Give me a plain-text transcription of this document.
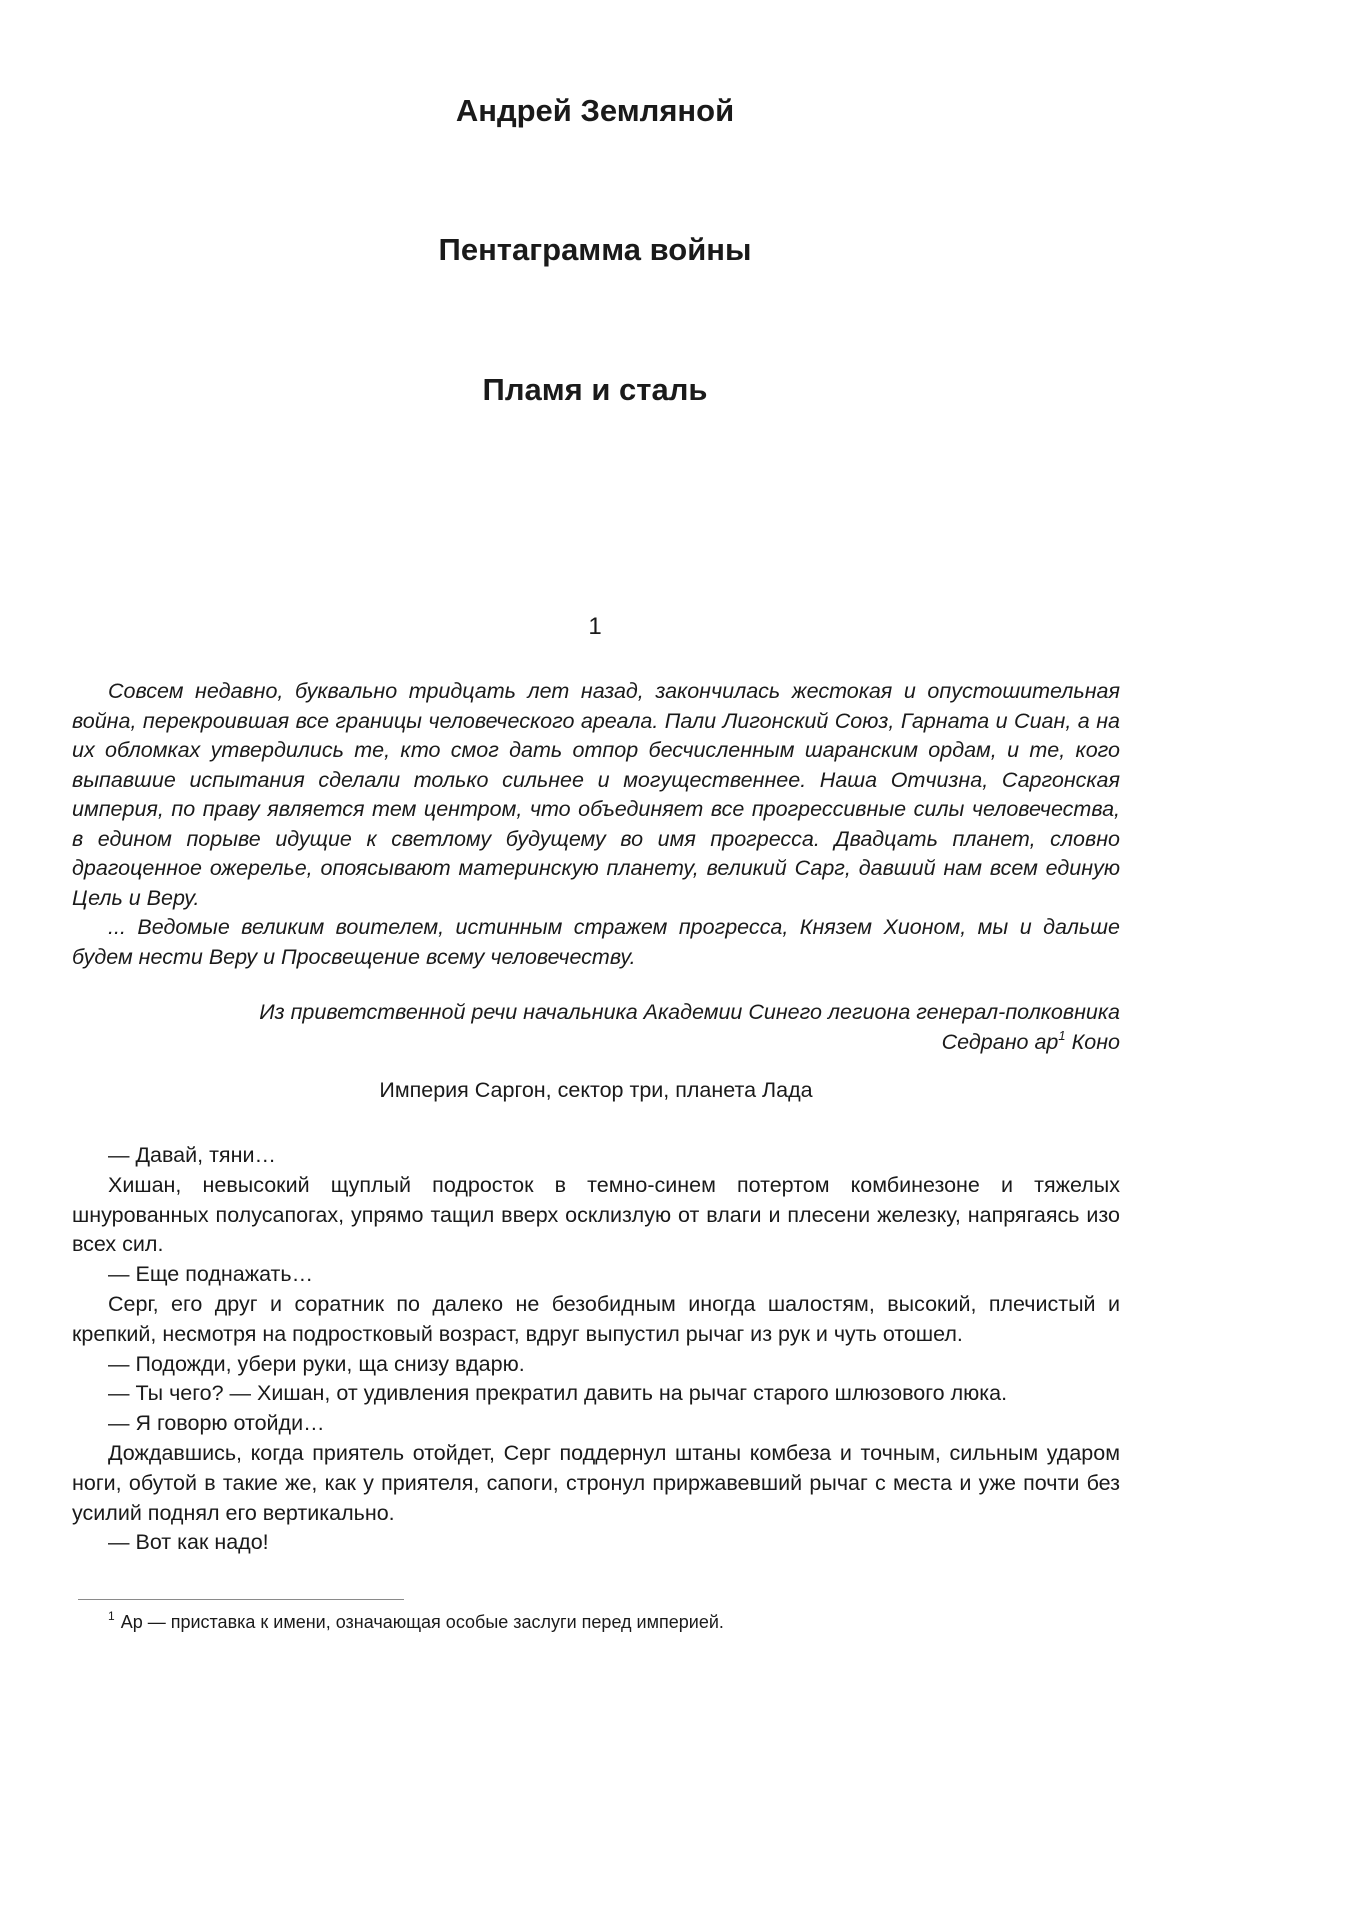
Андрей Земляной
Пентаграмма войны
Пламя и сталь
1

Совсем недавно, буквально тридцать лет назад, закончилась жестокая и опустошительная война, перекроившая все границы человеческого ареала. Пали Лигонский Союз, Гарната и Сиан, а на их обломках утвердились те, кто смог дать отпор бесчисленным шаранским ордам, и те, кого выпавшие испытания сделали только сильнее и могущественнее. Наша Отчизна, Саргонская империя, по праву является тем центром, что объединяет все прогрессивные силы человечества, в едином порыве идущие к светлому будущему во имя прогресса. Двадцать планет, словно драгоценное ожерелье, опоясывают материнскую планету, великий Сарг, давший нам всем единую Цель и Веру.

... Ведомые великим воителем, истинным стражем прогресса, Князем Хионом, мы и дальше будем нести Веру и Просвещение всему человечеству.

Из приветственной речи начальника Академии Синего легиона генерал-полковника
Седрано $ар^1$ Коно
Империя Саргон, сектор три, планета Лада

— Давай, тяни…

Хишан, невысокий щуплый подросток в темно-синем потертом комбинезоне и тяжелых шнурованных полусапогах, упрямо тащил вверх осклизлую от влаги и плесени железку, напрягаясь изо всех сил.

— Еще поднажать…

Серг, его друг и соратник по далеко не безобидным иногда шалостям, высокий, плечистый и крепкий, несмотря на подростковый возраст, вдруг выпустил рычаг из рук и чуть отошел.

— Подожди, убери руки, ща снизу вдарю.

— Ты чего? — Хишан, от удивления прекратил давить на рычаг старого шлюзового люка.

— Я говорю отойди…

Дождавшись, когда приятель отойдет, Серг поддернул штаны комбеза и точным, сильным ударом ноги, обутой в такие же, как у приятеля, сапоги, стронул приржавевший рычаг с места и уже почти без усилий поднял его вертикально.

— Вот как надо!

$^1$ Ар — приставка к имени, означающая особые заслуги перед империей.
